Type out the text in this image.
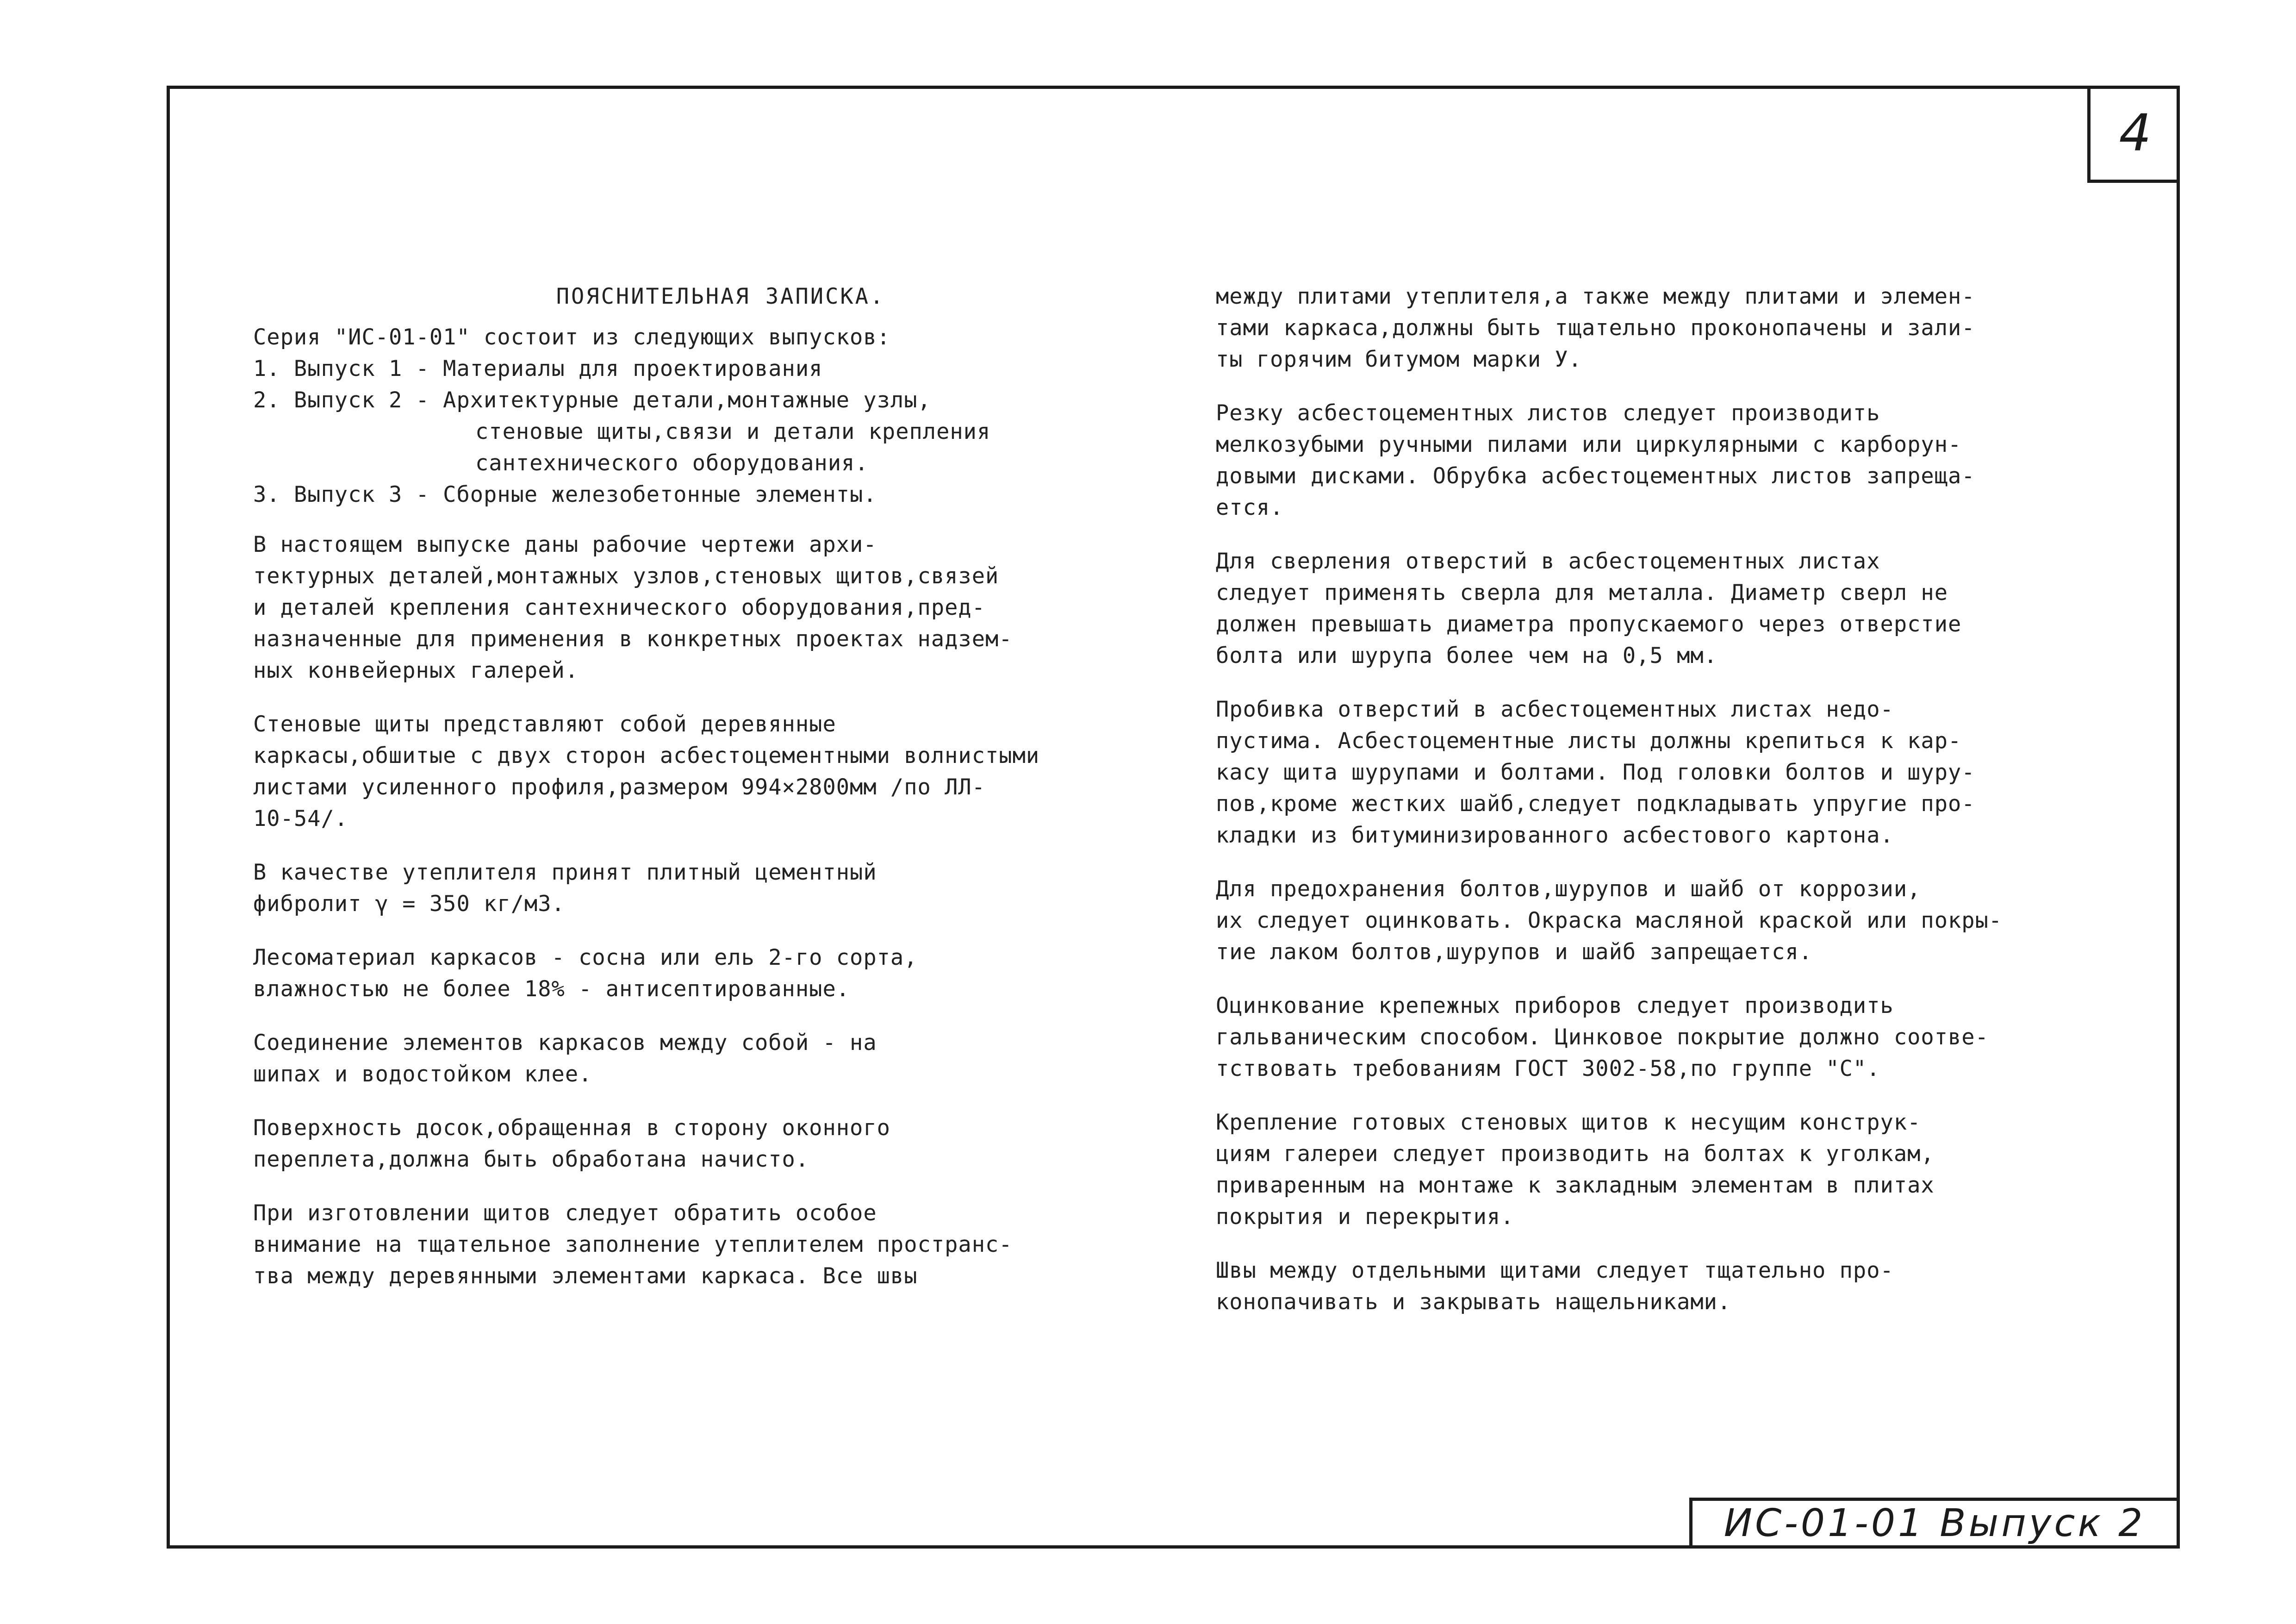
4

ПОЯСНИТЕЛЬНАЯ ЗАПИСКА.

Серия "ИС-01-01" состоит из следующих выпусков:

1. Выпуск 1 - Материалы для проектирования

2. Выпуск 2 - Архитектурные детали,монтажные узлы,

стеновые щиты,связи и детали крепления

сантехнического оборудования.

3. Выпуск 3 - Сборные железобетонные элементы.

В настоящем выпуске даны рабочие чертежи архи-

тектурных деталей,монтажных узлов,стеновых щитов,связей

и деталей крепления сантехнического оборудования,пред-

назначенные для применения в конкретных проектах надзем-

ных конвейерных галерей.

Стеновые щиты представляют собой деревянные

каркасы,обшитые с двух сторон асбестоцементными волнистыми

листами усиленного профиля,размером 994×2800мм /по ЛЛ-

10-54/.

В качестве утеплителя принят плитный цементный

фибролит γ = 350 кг/м3.

Лесоматериал каркасов - сосна или ель 2-го сорта,

влажностью не более 18% - антисептированные.

Соединение элементов каркасов между собой - на

шипах и водостойком клее.

Поверхность досок,обращенная в сторону оконного

переплета,должна быть обработана начисто.

При изготовлении щитов следует обратить особое

внимание на тщательное заполнение утеплителем пространс-

тва между деревянными элементами каркаса. Все швы

между плитами утеплителя,а также между плитами и элемен-

тами каркаса,должны быть тщательно проконопачены и зали-

ты горячим битумом марки У.

Резку асбестоцементных листов следует производить

мелкозубыми ручными пилами или циркулярными с карборун-

довыми дисками. Обрубка асбестоцементных листов запреща-

ется.

Для сверления отверстий в асбестоцементных листах

следует применять сверла для металла. Диаметр сверл не

должен превышать диаметра пропускаемого через отверстие

болта или шурупа более чем на 0,5 мм.

Пробивка отверстий в асбестоцементных листах недо-

пустима. Асбестоцементные листы должны крепиться к кар-

касу щита шурупами и болтами. Под головки болтов и шуру-

пов,кроме жестких шайб,следует подкладывать упругие про-

кладки из битуминизированного асбестового картона.

Для предохранения болтов,шурупов и шайб от коррозии,

их следует оцинковать. Окраска масляной краской или покры-

тие лаком болтов,шурупов и шайб запрещается.

Оцинкование крепежных приборов следует производить

гальваническим способом. Цинковое покрытие должно соотве-

тствовать требованиям ГОСТ 3002-58,по группе "С".

Крепление готовых стеновых щитов к несущим конструк-

циям галереи следует производить на болтах к уголкам,

приваренным на монтаже к закладным элементам в плитах

покрытия и перекрытия.

Швы между отдельными щитами следует тщательно про-

конопачивать и закрывать нащельниками.

ИС-01-01 Выпуск 2
